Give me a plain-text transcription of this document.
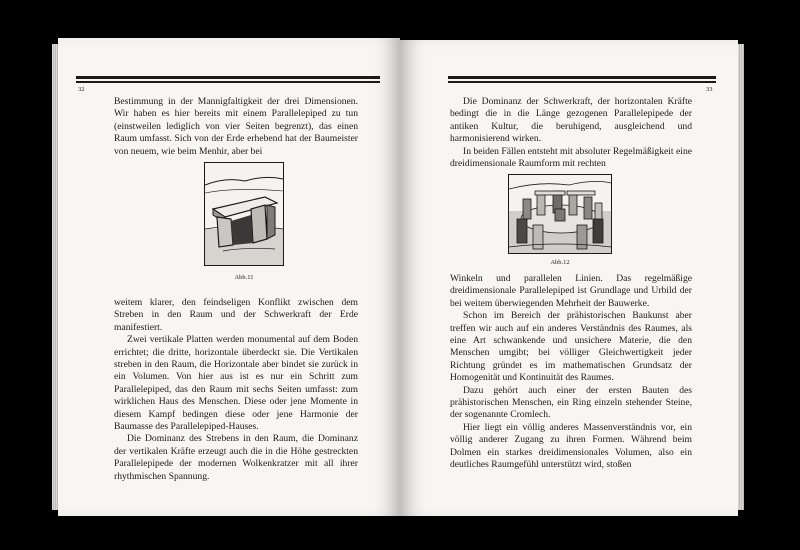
32	33

Bestimmung in der Mannigfaltigkeit der drei Dimensionen. Wir haben es hier bereits mit einem Parallelepiped zu tun (einstweilen lediglich von vier Seiten begrenzt), das einen Raum umfasst. Sich von der Erde erhebend hat der Baumeister von neuem, wie beim Menhir, aber bei

Abb.11

weitem klarer, den feindseligen Konflikt zwischen dem Streben in den Raum und der Schwerkraft der Erde manifestiert.

Zwei vertikale Platten werden monumental auf dem Boden errichtet; die dritte, horizontale überdeckt sie. Die Vertikalen streben in den Raum, die Horizontale aber bindet sie zurück in ein Volumen. Von hier aus ist es nur ein Schritt zum Parallelepiped, das den Raum mit sechs Seiten umfasst: zum wirklichen Haus des Menschen. Diese oder jene Momente in diesem Kampf bedingen diese oder jene Harmonie der Baumasse des Parallelepiped-Hauses.

Die Dominanz des Strebens in den Raum, die Dominanz der vertikalen Kräfte erzeugt auch die in die Höhe gestreckten Parallelepipede der modernen Wolkenkratzer mit all ihrer rhythmischen Spannung.

Die Dominanz der Schwerkraft, der horizontalen Kräfte bedingt die in die Länge gezogenen Parallelepipede der antiken Kultur, die beruhigend, ausgleichend und harmonisierend wirken.

In beiden Fällen entsteht mit absoluter Regelmäßigkeit eine dreidimensionale Raumform mit rechten

Abb.12

Winkeln und parallelen Linien. Das regelmäßige dreidimensionale Parallelepiped ist Grundlage und Urbild der bei weitem überwiegenden Mehrheit der Bauwerke.

Schon im Bereich der prähistorischen Baukunst aber treffen wir auch auf ein anderes Verständnis des Raumes, als eine Art schwankende und unsichere Materie, die den Menschen umgibt; bei völliger Gleichwertigkeit jeder Richtung gründet es im mathematischen Grundsatz der Homogenität und Kontinuität des Raumes.

Dazu gehört auch einer der ersten Bauten des prähistorischen Menschen, ein Ring einzeln stehender Steine, der sogenannte Cromlech.

Hier liegt ein völlig anderes Massenverständnis vor, ein völlig anderer Zugang zu ihren Formen. Während beim Dolmen ein starkes dreidimensionales Volumen, also ein deutliches Raumgefühl unterstützt wird, stoßen
